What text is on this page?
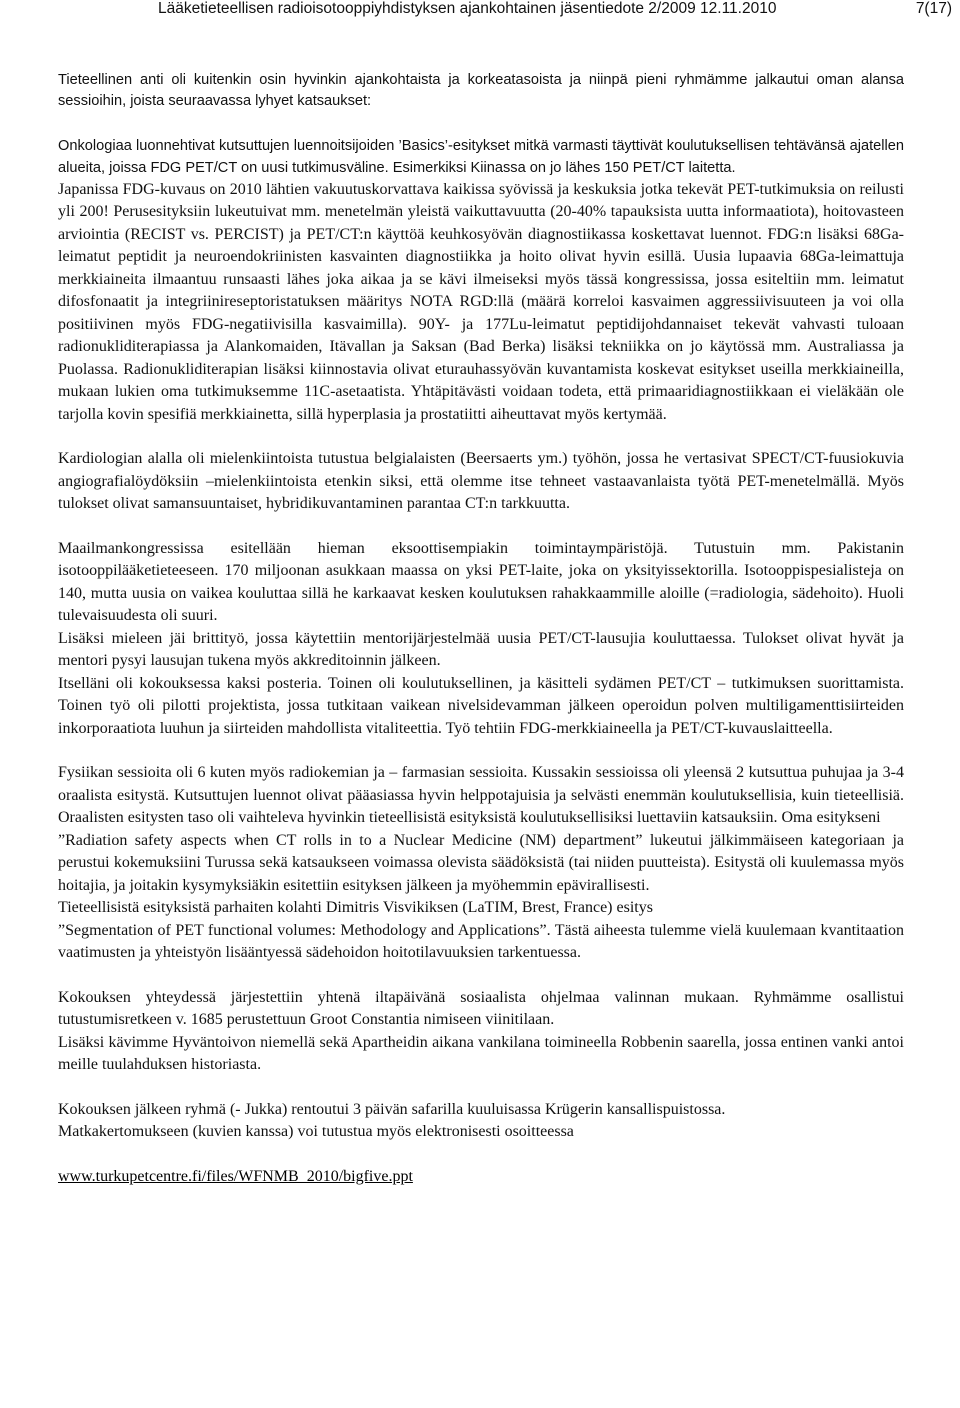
Lääketieteellisen radioisotooppiyhdistyksen ajankohtainen jäsentiedote 2/2009 12.11.2010	7(17)

Tieteellinen anti oli kuitenkin osin hyvinkin ajankohtaista ja korkeatasoista ja niinpä pieni ryhmämme jalkautui oman alansa sessioihin, joista seuraavassa lyhyet katsaukset:

Onkologiaa luonnehtivat kutsuttujen luennoitsijoiden ’Basics’-esitykset mitkä varmasti täyttivät koulutuksellisen tehtävänsä ajatellen alueita, joissa FDG PET/CT on uusi tutkimusväline. Esimerkiksi Kiinassa on jo lähes 150 PET/CT laitetta.

Japanissa FDG-kuvaus on 2010 lähtien vakuutuskorvattava kaikissa syövissä ja keskuksia jotka tekevät PET-tutkimuksia on reilusti yli 200! Perusesityksiin lukeutuivat mm. menetelmän yleistä vaikuttavuutta (20-40% tapauksista uutta informaatiota), hoitovasteen arviointia (RECIST vs. PERCIST) ja PET/CT:n käyttöä keuhkosyövän diagnostiikassa koskettavat luennot. FDG:n lisäksi 68Ga-leimatut peptidit ja neuroendokriinisten kasvainten diagnostiikka ja hoito olivat hyvin esillä. Uusia lupaavia 68Ga-leimattuja merkkiaineita ilmaantuu runsaasti lähes joka aikaa ja se kävi ilmeiseksi myös tässä kongressissa, jossa esiteltiin mm. leimatut difosfonaatit ja integriinireseptoristatuksen määritys NOTA RGD:llä (määrä korreloi kasvaimen aggressiivisuuteen ja voi olla positiivinen myös FDG-negatiivisilla kasvaimilla). 90Y- ja 177Lu-leimatut peptidijohdannaiset tekevät vahvasti tuloaan radionukliditerapiassa ja Alankomaiden, Itävallan ja Saksan (Bad Berka) lisäksi tekniikka on jo käytössä mm. Australiassa ja Puolassa. Radionukliditerapian lisäksi kiinnostavia olivat eturauhassyövän kuvantamista koskevat esitykset useilla merkkiaineilla, mukaan lukien oma tutkimuksemme 11C-asetaatista. Yhtäpitävästi voidaan todeta, että primaaridiagnostiikkaan ei vieläkään ole tarjolla kovin spesifiä merkkiainetta, sillä hyperplasia ja prostatiitti aiheuttavat myös kertymää.

Kardiologian alalla oli mielenkiintoista tutustua belgialaisten (Beersaerts ym.) työhön, jossa he vertasivat SPECT/CT-fuusiokuvia angiografialöydöksiin –mielenkiintoista etenkin siksi, että olemme itse tehneet vastaavanlaista työtä PET-menetelmällä. Myös tulokset olivat samansuuntaiset, hybridikuvantaminen parantaa CT:n tarkkuutta.

Maailmankongressissa esitellään hieman eksoottisempiakin toimintaympäristöjä. Tutustuin mm. Pakistanin isotooppilääketieteeseen. 170 miljoonan asukkaan maassa on yksi PET-laite, joka on yksityissektorilla. Isotooppispesialisteja on 140, mutta uusia on vaikea kouluttaa sillä he karkaavat kesken koulutuksen rahakkaammille aloille (=radiologia, sädehoito). Huoli tulevaisuudesta oli suuri.

Lisäksi mieleen jäi brittityö, jossa käytettiin mentorijärjestelmää uusia PET/CT-lausujia kouluttaessa. Tulokset olivat hyvät ja mentori pysyi lausujan tukena myös akkreditoinnin jälkeen.

Itselläni oli kokouksessa kaksi posteria. Toinen oli koulutuksellinen, ja käsitteli sydämen PET/CT – tutkimuksen suorittamista. Toinen työ oli pilotti projektista, jossa tutkitaan vaikean nivelsidevamman jälkeen operoidun polven multiligamenttisiirteiden inkorporaatiota luuhun ja siirteiden mahdollista vitaliteettia. Työ tehtiin FDG-merkkiaineella ja PET/CT-kuvauslaitteella.

Fysiikan sessioita oli 6 kuten myös radiokemian ja – farmasian sessioita. Kussakin sessioissa oli yleensä 2 kutsuttua puhujaa ja 3-4 oraalista esitystä. Kutsuttujen luennot olivat pääasiassa hyvin helppotajuisia ja selvästi enemmän koulutuksellisia, kuin tieteellisiä. Oraalisten esitysten taso oli vaihteleva hyvinkin tieteellisistä esityksistä koulutuksellisiksi luettaviin katsauksiin. Oma esitykseni

”Radiation safety aspects when CT rolls in to a Nuclear Medicine (NM) department” lukeutui jälkimmäiseen kategoriaan ja perustui kokemuksiini Turussa sekä katsaukseen voimassa olevista säädöksistä (tai niiden puutteista). Esitystä oli kuulemassa myös hoitajia, ja joitakin kysymyksiäkin esitettiin esityksen jälkeen ja myöhemmin epävirallisesti.

Tieteellisistä esityksistä parhaiten kolahti Dimitris Visvikiksen (LaTIM, Brest, France) esitys

”Segmentation of PET functional volumes: Methodology and Applications”. Tästä aiheesta tulemme vielä kuulemaan kvantitaation vaatimusten ja yhteistyön lisääntyessä sädehoidon hoitotilavuuksien tarkentuessa.

Kokouksen yhteydessä järjestettiin yhtenä iltapäivänä sosiaalista ohjelmaa valinnan mukaan. Ryhmämme osallistui tutustumisretkeen v. 1685 perustettuun Groot Constantia nimiseen viinitilaan.

Lisäksi kävimme Hyväntoivon niemellä sekä Apartheidin aikana vankilana toimineella Robbenin saarella, jossa entinen vanki antoi meille tuulahduksen historiasta.

Kokouksen jälkeen ryhmä (- Jukka) rentoutui 3 päivän safarilla kuuluisassa Krügerin kansallispuistossa.

Matkakertomukseen (kuvien kanssa) voi tutustua myös elektronisesti osoitteessa

www.turkupetcentre.fi/files/WFNMB_2010/bigfive.ppt
